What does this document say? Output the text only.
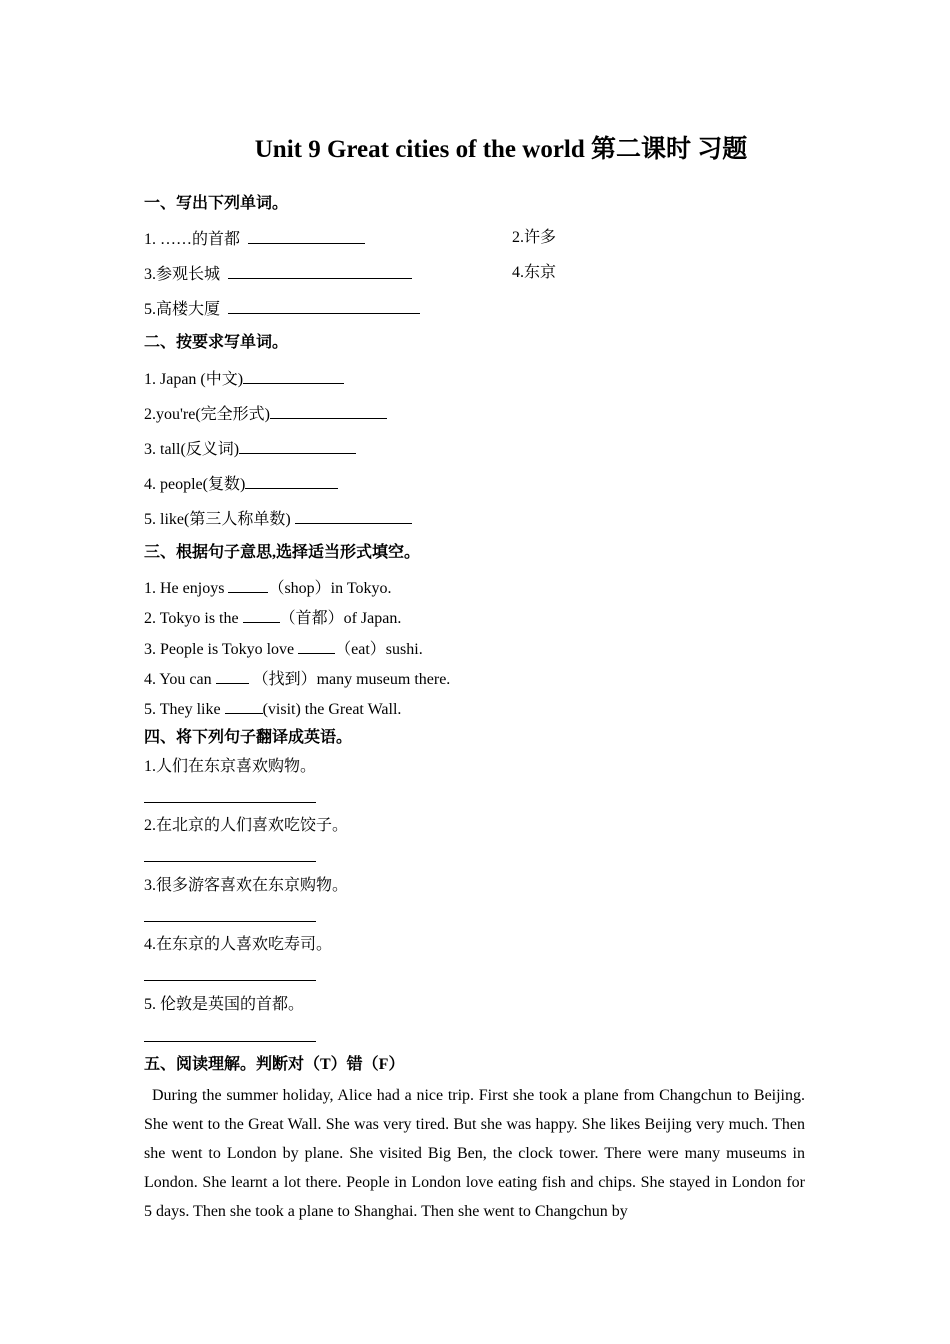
Unit 9 Great cities of the world 第二课时 习题
一、写出下列单词。
1. ……的首都	2.许多
3.参观长城	4.东京
5.高楼大厦
二、按要求写单词。
1. Japan (中文)
2.you're(完全形式)
3. tall(反义词)
4. people(复数)
5. like(第三人称单数)
三、根据句子意思,选择适当形式填空。
1. He enjoys	（shop）in Tokyo.
2. Tokyo is the （首都）of Japan.
3. People is Tokyo love （eat）sushi.
4. You can  （找到）many museum there.
5. They like (visit) the Great Wall.
四、将下列句子翻译成英语。
1.人们在东京喜欢购物。
2.在北京的人们喜欢吃饺子。
3.很多游客喜欢在东京购物。
4.在东京的人喜欢吃寿司。
5. 伦敦是英国的首都。
五、阅读理解。判断对（T）错（F）
During the summer holiday, Alice had a nice trip. First she took a plane from Changchun to Beijing. She went to the Great Wall. She was very tired. But she was happy. She likes Beijing very much. Then she went to London by plane. She visited Big Ben, the clock tower. There were many museums in London. She learnt a lot there. People in London love eating fish and chips. She stayed in London for 5 days. Then she took a plane to Shanghai. Then she went to Changchun by
